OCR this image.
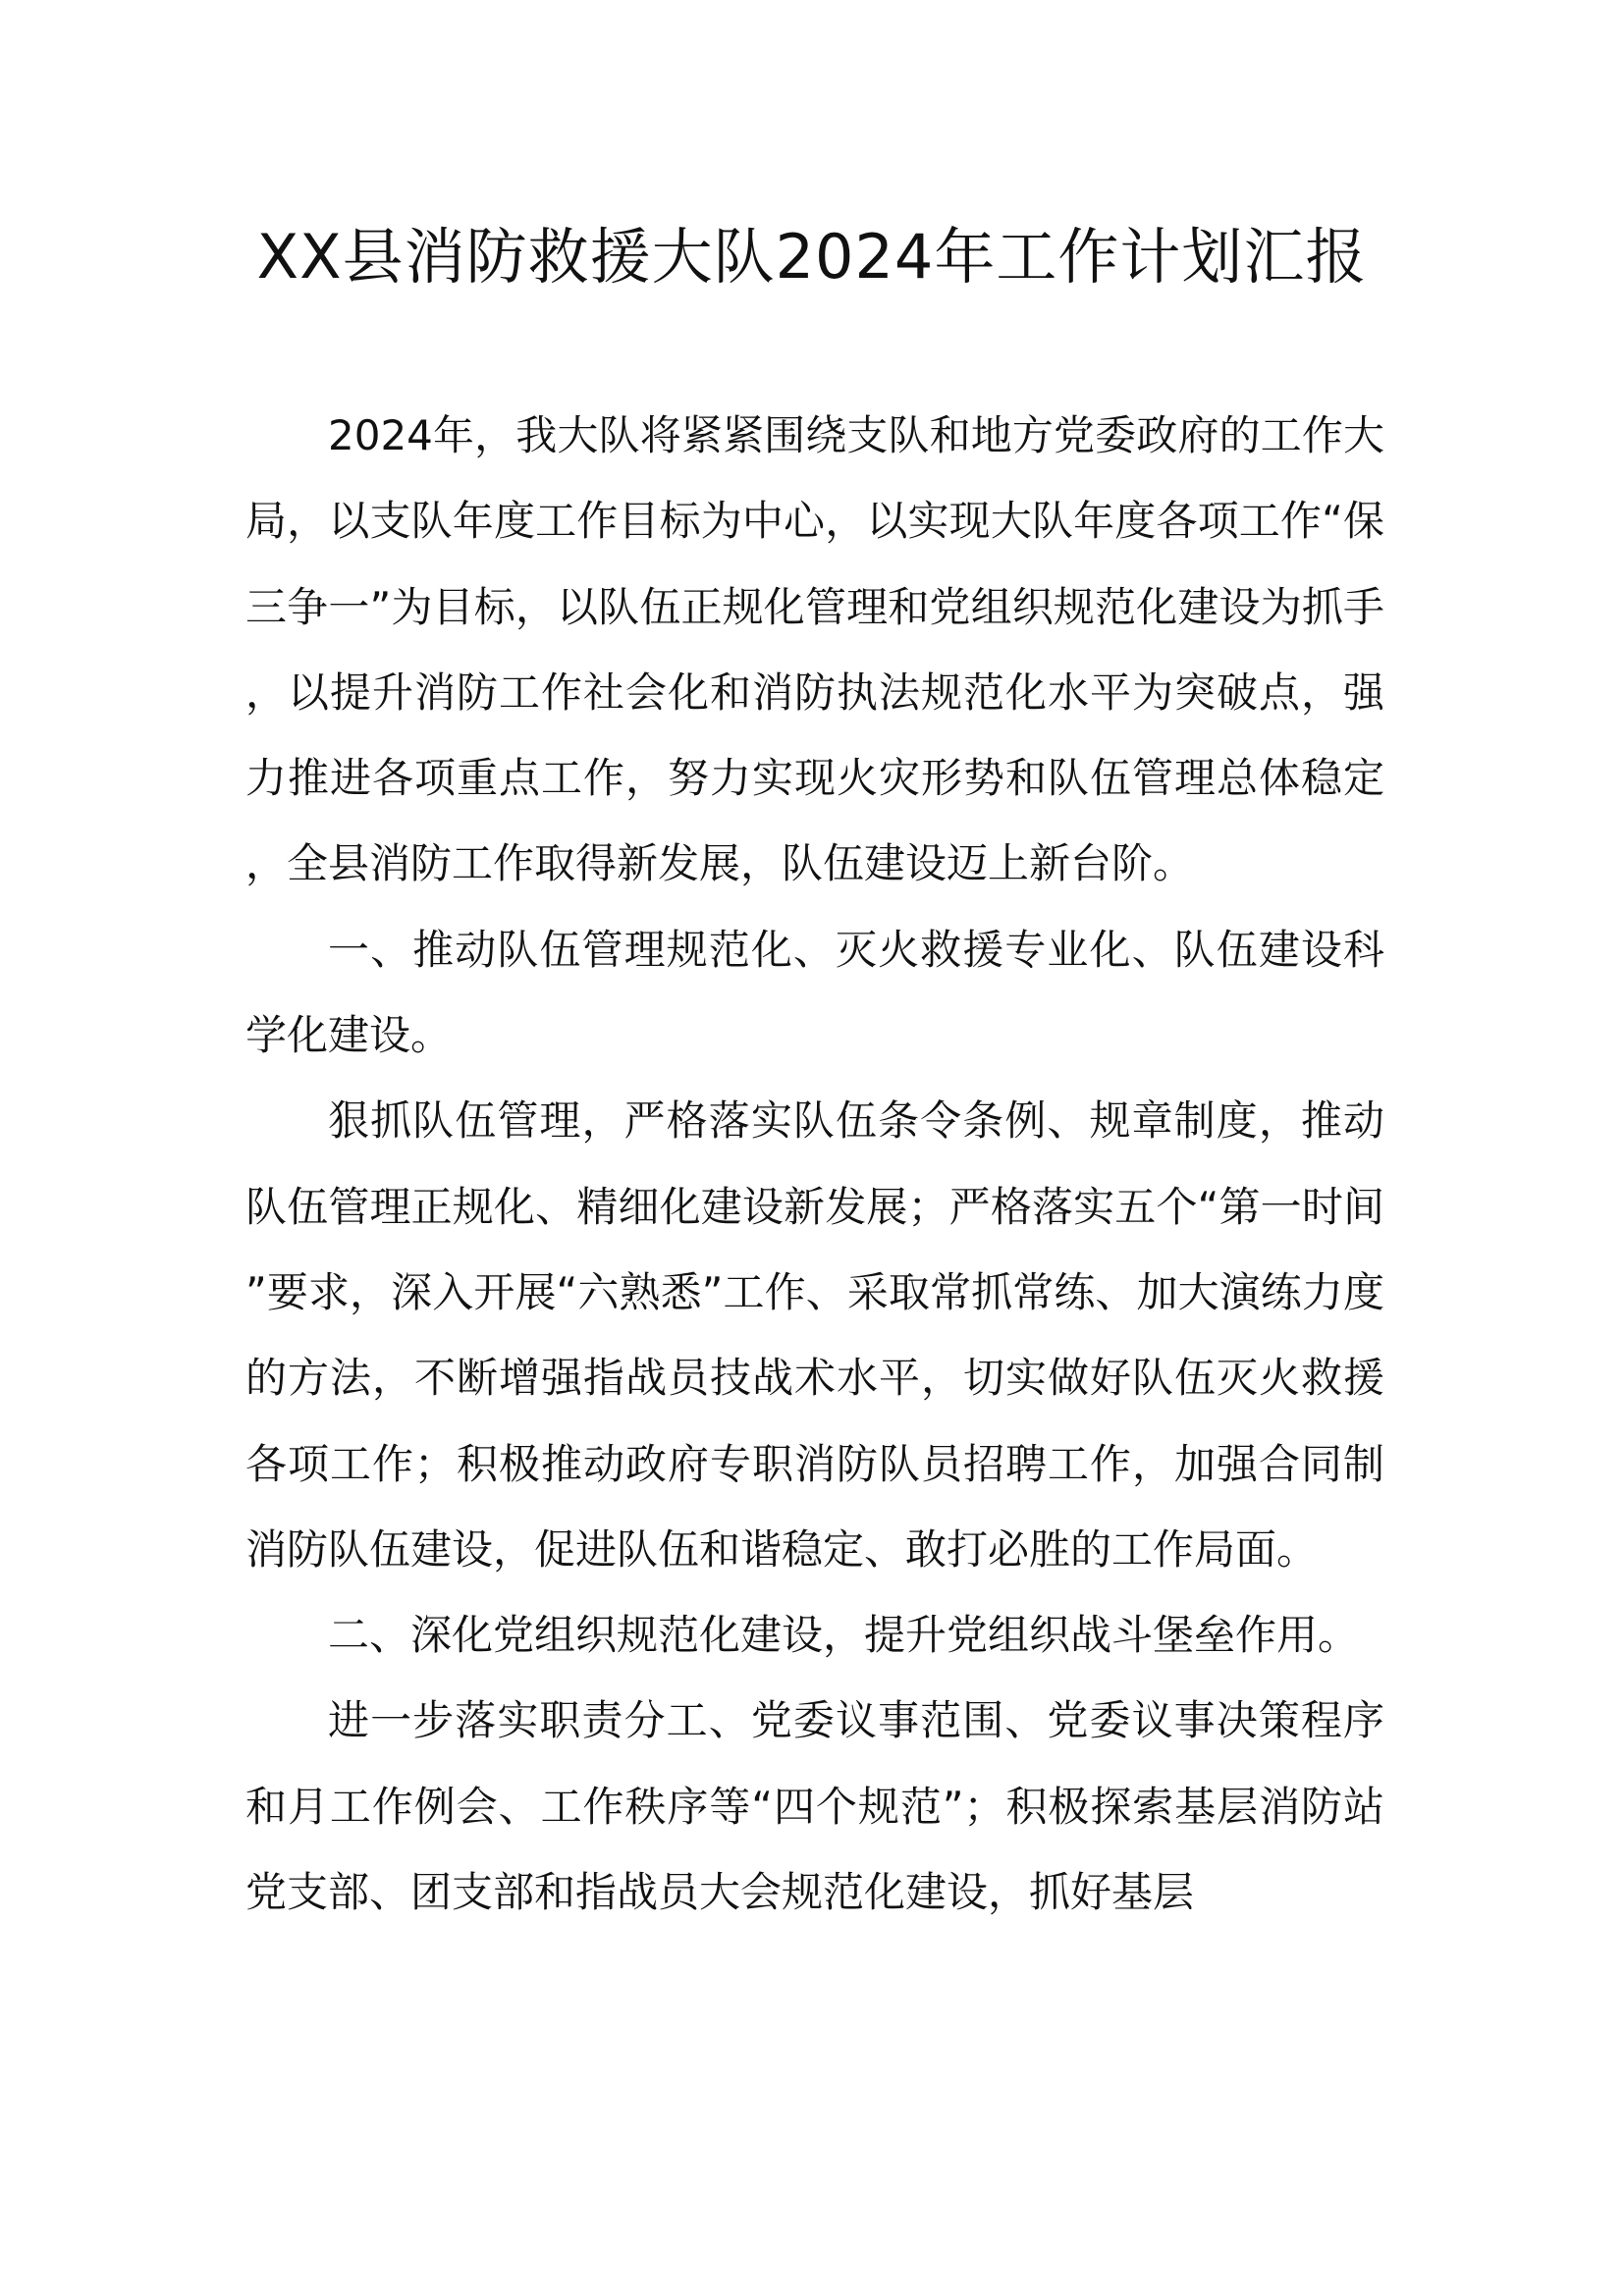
XX县消防救援大队2024年工作计划汇报

2024年，我大队将紧紧围绕支队和地方党委政府的工作大局，以支队年度工作目标为中心，以实现大队年度各项工作“保三争一”为目标，以队伍正规化管理和党组织规范化建设为抓手，以提升消防工作社会化和消防执法规范化水平为突破点，强力推进各项重点工作，努力实现火灾形势和队伍管理总体稳定，全县消防工作取得新发展，队伍建设迈上新台阶。

一、推动队伍管理规范化、灭火救援专业化、队伍建设科学化建设。

狠抓队伍管理，严格落实队伍条令条例、规章制度，推动队伍管理正规化、精细化建设新发展；严格落实五个“第一时间”要求，深入开展“六熟悉”工作、采取常抓常练、加大演练力度的方法，不断增强指战员技战术水平，切实做好队伍灭火救援各项工作；积极推动政府专职消防队员招聘工作，加强合同制消防队伍建设，促进队伍和谐稳定、敢打必胜的工作局面。

二、深化党组织规范化建设，提升党组织战斗堡垒作用。

进一步落实职责分工、党委议事范围、党委议事决策程序和月工作例会、工作秩序等“四个规范”；积极探索基层消防站党支部、团支部和指战员大会规范化建设，抓好基层
